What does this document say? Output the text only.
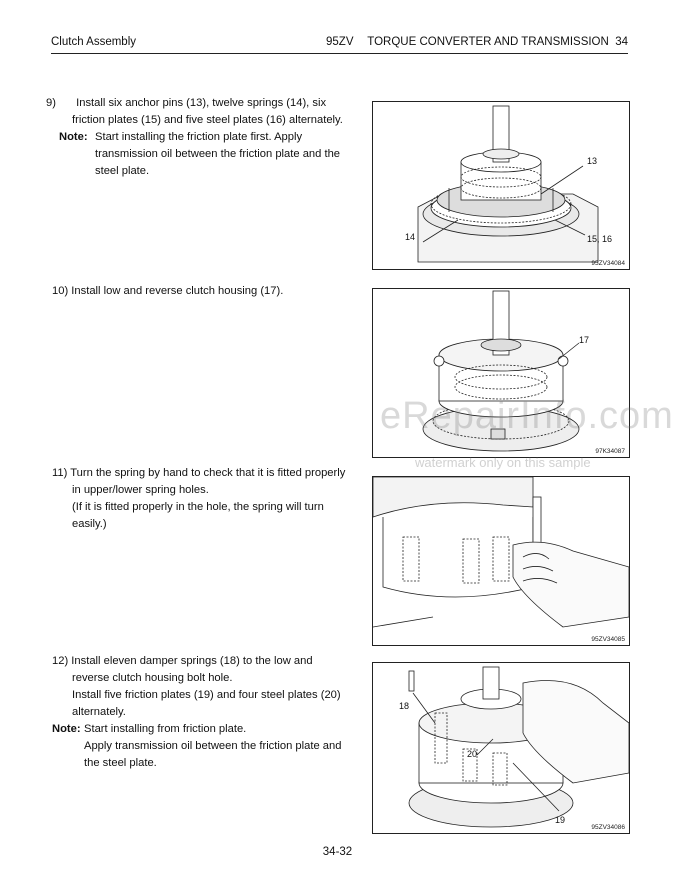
Clutch Assembly	95ZV TORQUE CONVERTER AND TRANSMISSION 34

9) Install six anchor pins (13), twelve springs (14), six

friction plates (15) and five steel plates (16) alternately.

Note: Start installing the friction plate first. Apply

transmission oil between the friction plate and the

steel plate.

13
14	15, 16
95ZV34084

10) Install low and reverse clutch housing (17).

17
97K34087

11) Turn the spring by hand to check that it is fitted properly

in upper/lower spring holes.

(If it is fitted properly in the hole, the spring will turn

easily.)

95ZV34085

12) Install eleven damper springs (18) to the low and

reverse clutch housing bolt hole.

Install five friction plates (19) and four steel plates (20)

alternately.

Note: Start installing from friction plate.

Apply transmission oil between the friction plate and

the steel plate.

18
20
19
95ZV34086
eRepairInfo.com
watermark only on this sample
34-32
